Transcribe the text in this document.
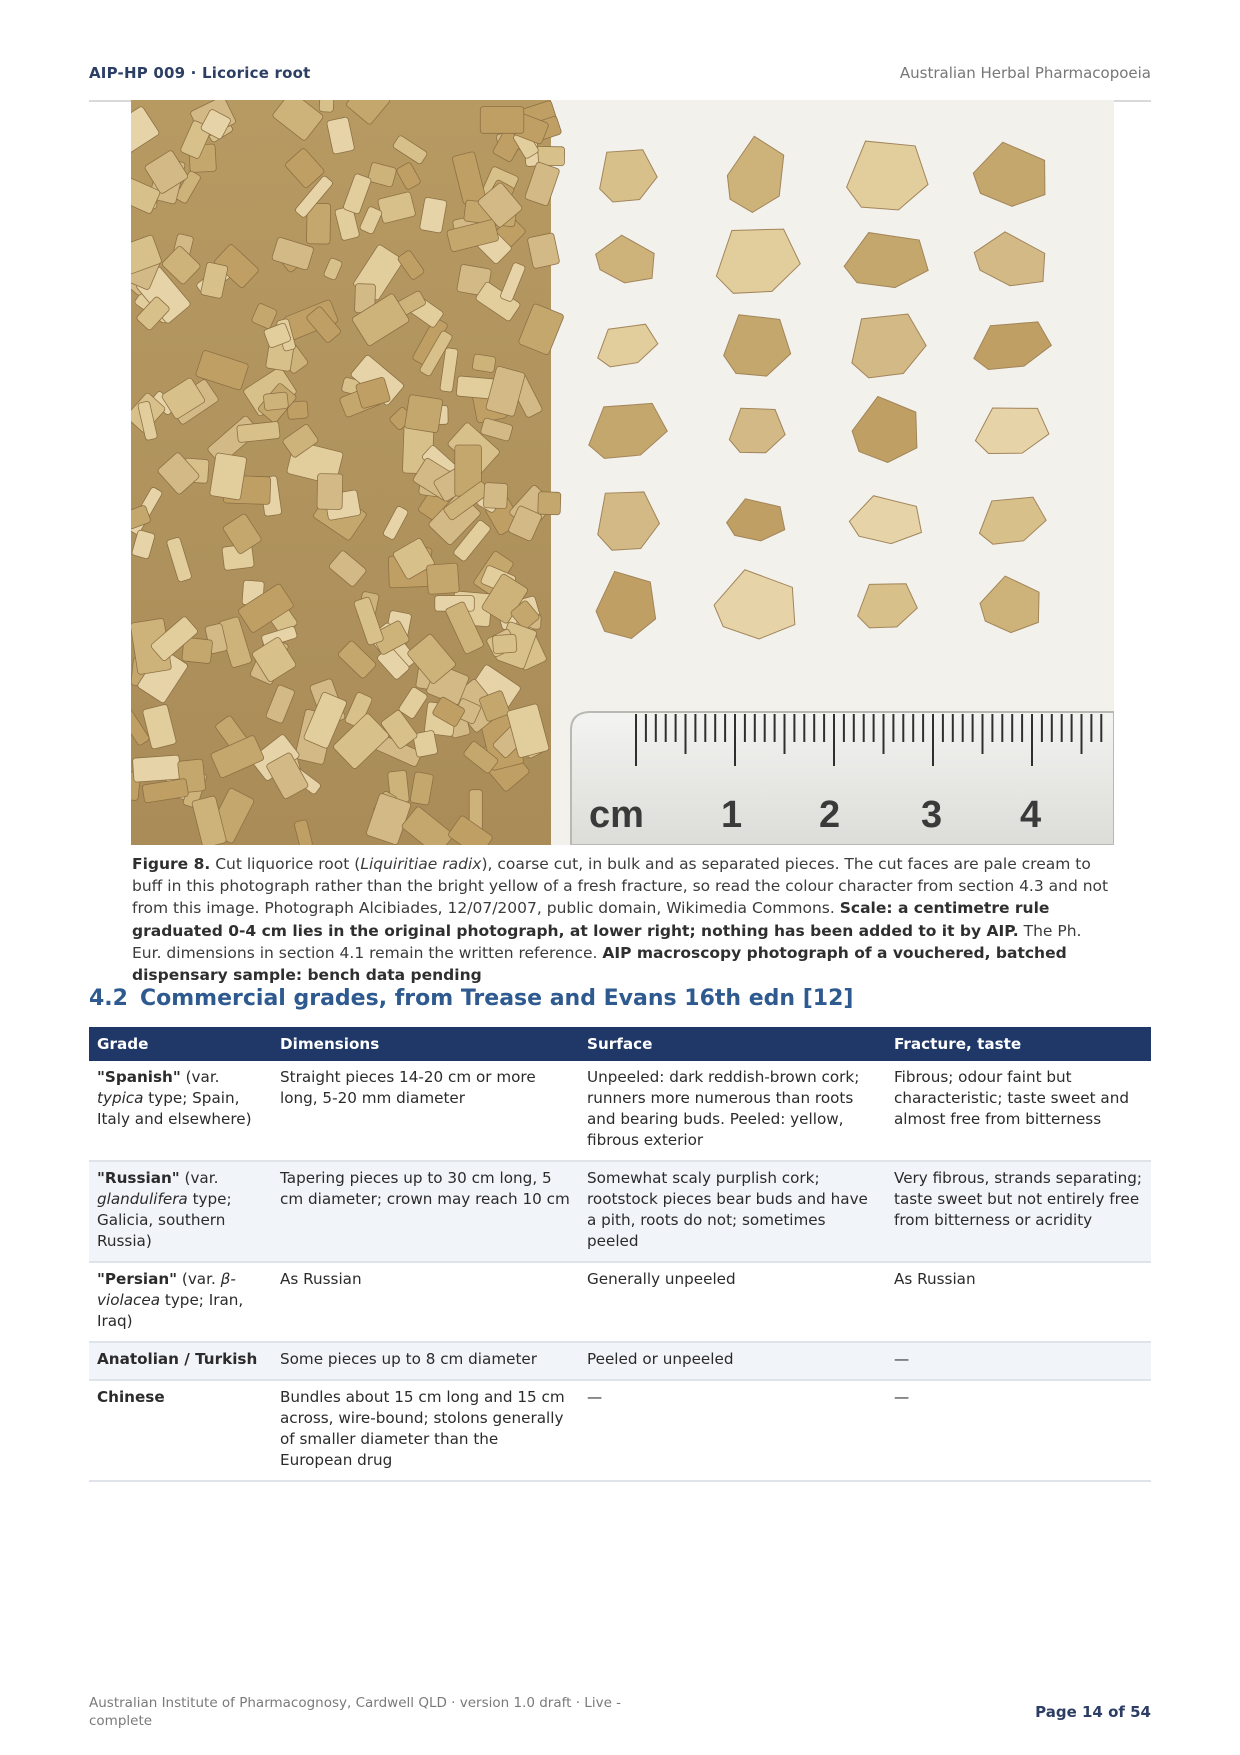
AIP-HP 009 · Licorice root	Australian Herbal Pharmacopoeia
cm 1 2 3 4
Figure 8. Cut liquorice root (Liquiritiae radix), coarse cut, in bulk and as separated pieces. The cut faces are pale cream to buff in this photograph rather than the bright yellow of a fresh fracture, so read the colour character from section 4.3 and not from this image. Photograph Alcibiades, 12/07/2007, public domain, Wikimedia Commons. Scale: a centimetre rule graduated 0-4 cm lies in the original photograph, at lower right; nothing has been added to it by AIP. The Ph. Eur. dimensions in section 4.1 remain the written reference. AIP macroscopy photograph of a vouchered, batched dispensary sample: bench data pending
4.2 Commercial grades, from Trease and Evans 16th edn [12]
Grade	Dimensions	Surface	Fracture, taste
"Spanish" (var. typica type; Spain, Italy and elsewhere)	Straight pieces 14-20 cm or more long, 5-20 mm diameter	Unpeeled: dark reddish-brown cork; runners more numerous than roots and bearing buds. Peeled: yellow, fibrous exterior	Fibrous; odour faint but characteristic; taste sweet and almost free from bitterness
"Russian" (var. glandulifera type; Galicia, southern Russia)	Tapering pieces up to 30 cm long, 5 cm diameter; crown may reach 10 cm	Somewhat scaly purplish cork; rootstock pieces bear buds and have a pith, roots do not; sometimes peeled	Very fibrous, strands separating; taste sweet but not entirely free from bitterness or acridity
"Persian" (var. β-violacea type; Iran, Iraq)	As Russian	Generally unpeeled	As Russian
Anatolian / Turkish	Some pieces up to 8 cm diameter	Peeled or unpeeled	—
Chinese	Bundles about 15 cm long and 15 cm across, wire-bound; stolons generally of smaller diameter than the European drug	—	—
Australian Institute of Pharmacognosy, Cardwell QLD · version 1.0 draft · Live - complete	Page 14 of 54
